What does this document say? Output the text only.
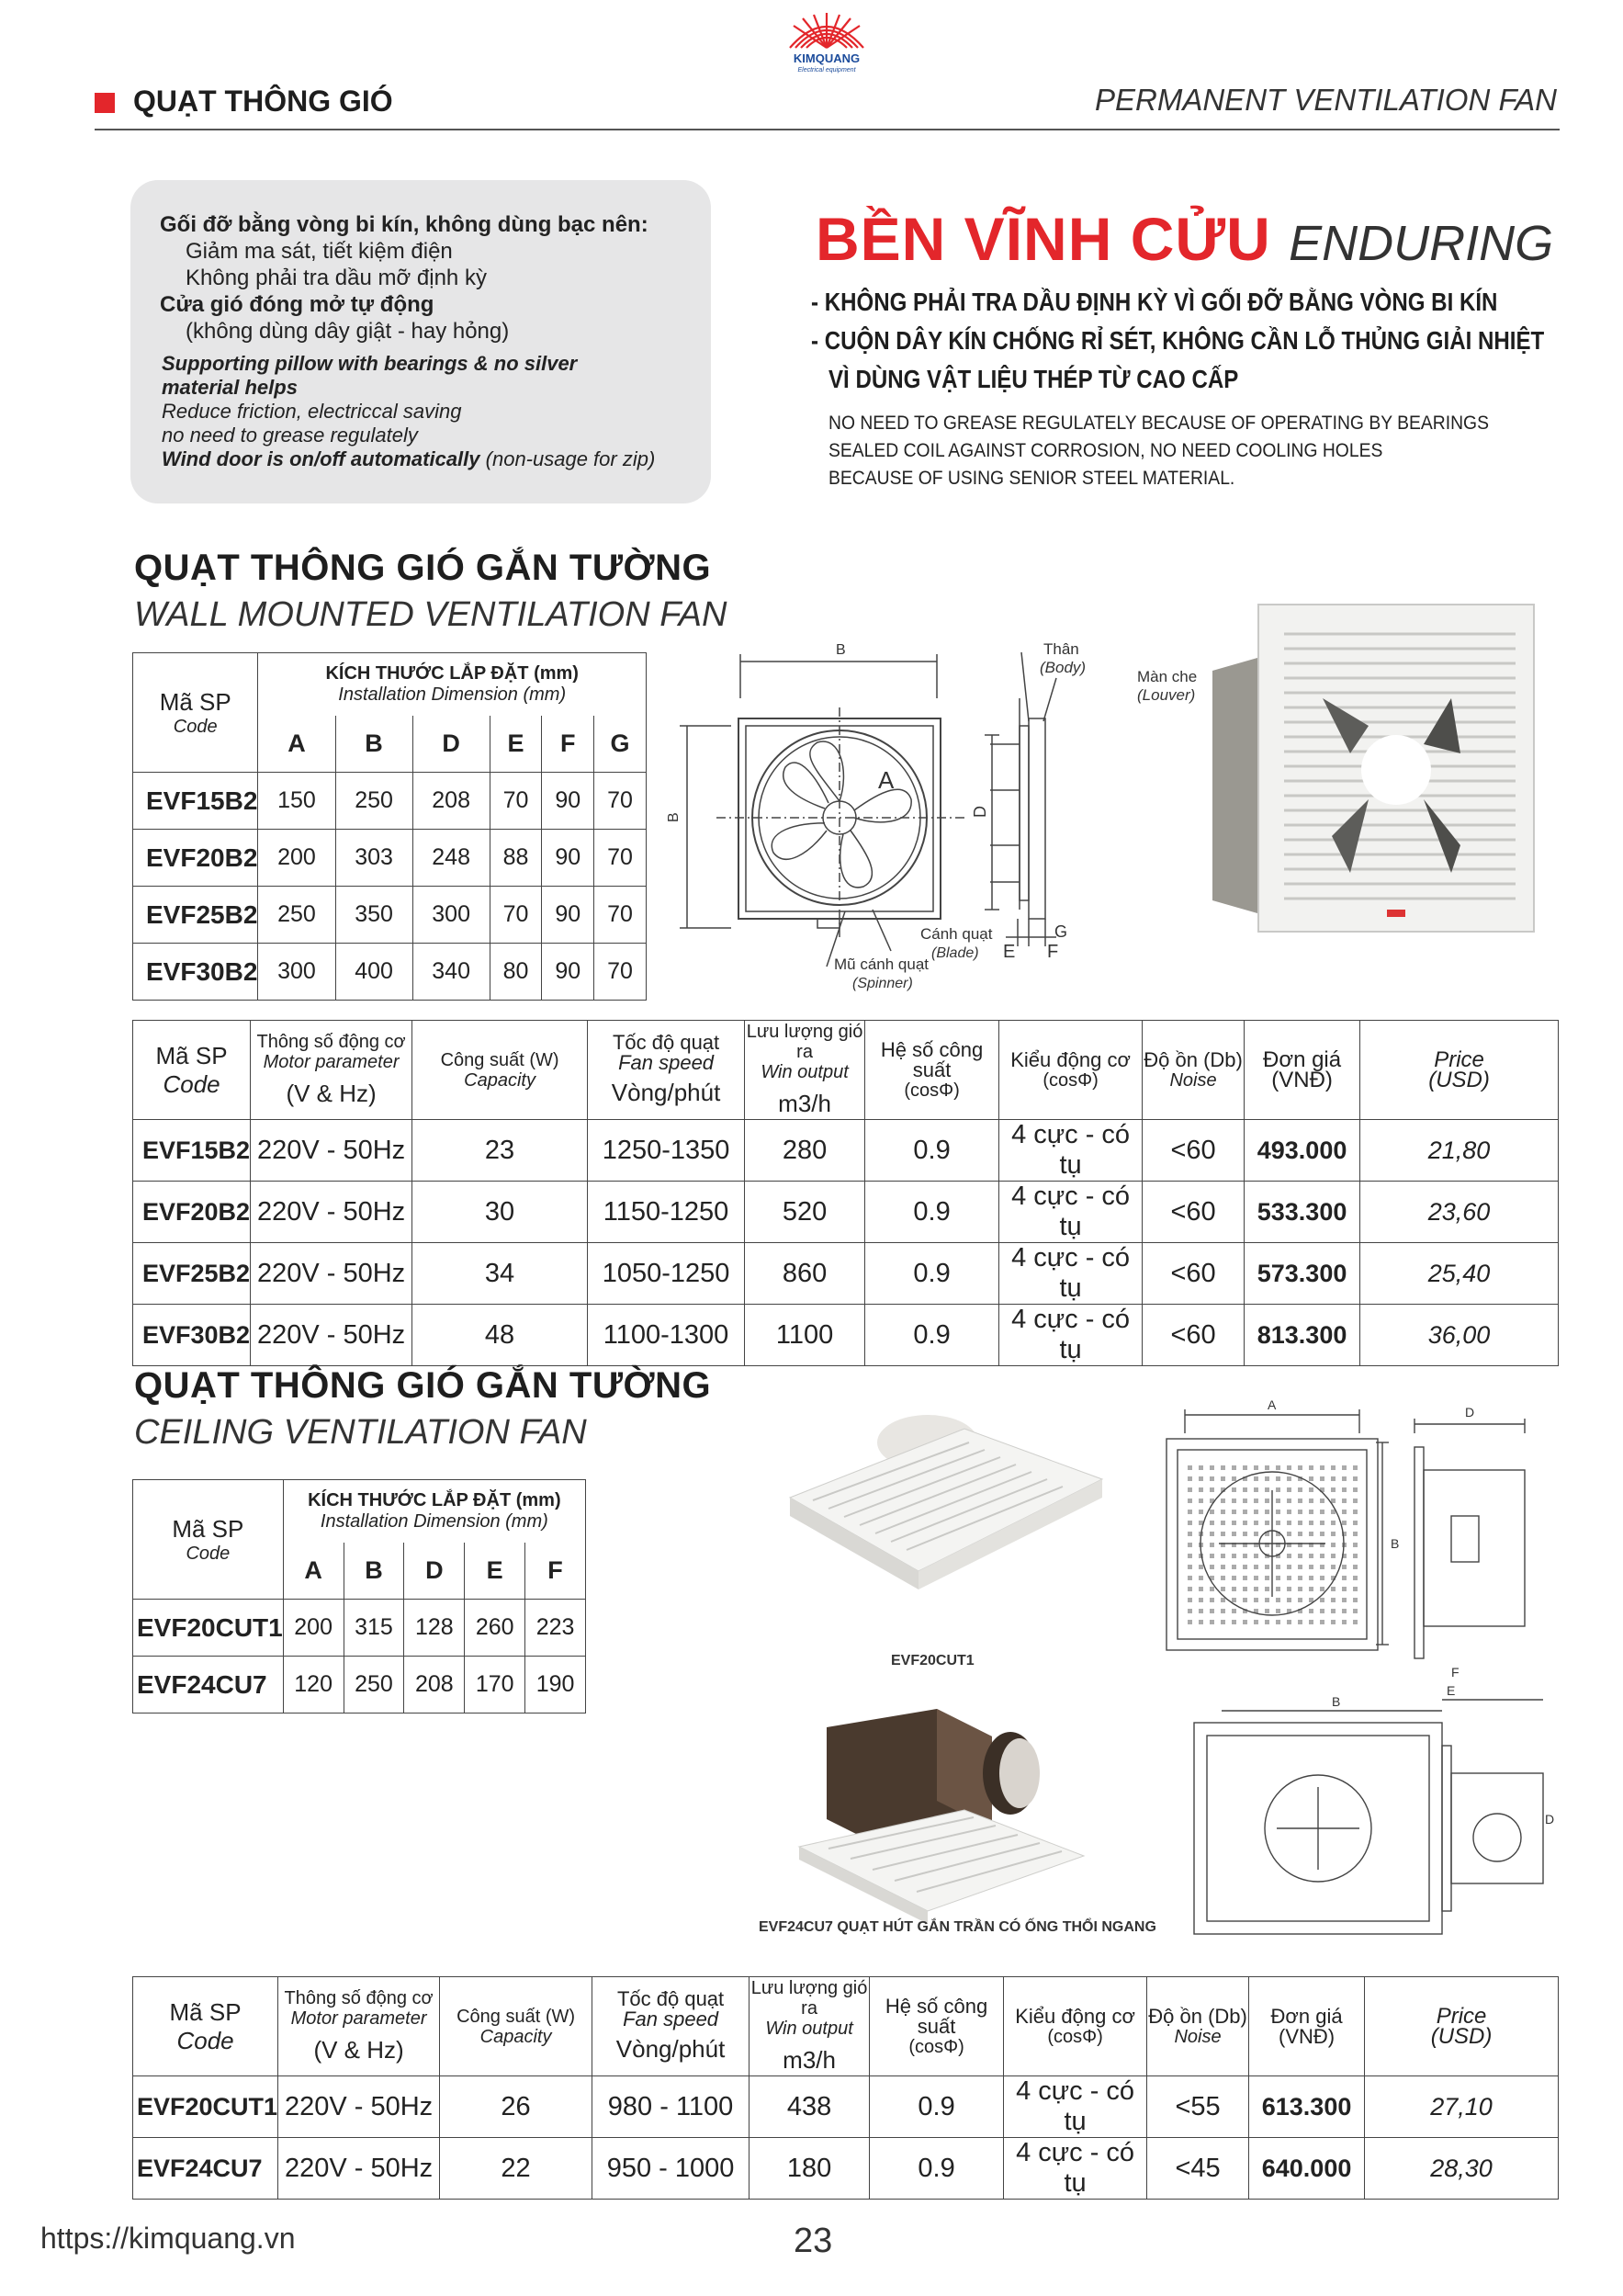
KIMQUANG
Electrical equipment
QUẠT THÔNG GIÓ	PERMANENT VENTILATION FAN
Gối đỡ bằng vòng bi kín, không dùng bạc nên:
Giảm ma sát, tiết kiệm điện
Không phải tra dầu mỡ định kỳ
Cửa gió đóng mở tự động
(không dùng dây giật - hay hỏng)
Supporting pillow with bearings & no silver
material helps
Reduce friction, electriccal saving
no need to grease regulately
Wind door is on/off automatically (non-usage for zip)
BỀN VĨNH CỬU ENDURING
- KHÔNG PHẢI TRA DẦU ĐỊNH KỲ VÌ GỐI ĐỠ BẰNG VÒNG BI KÍN
- CUỘN DÂY KÍN CHỐNG RỈ SÉT, KHÔNG CẦN LỖ THỦNG GIẢI NHIỆT
VÌ DÙNG VẬT LIỆU THÉP TỪ CAO CẤP
NO NEED TO GREASE REGULATELY BECAUSE OF OPERATING BY BEARINGS
SEALED COIL AGAINST CORROSION, NO NEED COOLING HOLES
BECAUSE OF USING SENIOR STEEL MATERIAL.
QUẠT THÔNG GIÓ GẮN TƯỜNG
WALL MOUNTED VENTILATION FAN
Mã SP
Code	KÍCH THƯỚC LẮP ĐẶT (mm)
Installation Dimension (mm)					

	A	B	D	E	F	G
EVF15B2	150	250	208	70	90	70
EVF20B2	200	303	248	88	90	70
EVF25B2	250	350	300	70	90	70
EVF30B2	300	400	340	80	90	70
B
B
A
D
E F
G
Thân
(Body)
Màn che
(Louver)
Cánh quạt
(Blade)
Mũ cánh quạt
(Spinner)
Mã SP
Code	Thông số động cơ
Motor parameter
(V & Hz)	Công suất (W)
Capacity	Tốc độ quạt
Fan speed
Vòng/phút	Lưu lượng gió ra
Win output
m3/h	Hệ số công suất
(cosΦ)	Kiểu động cơ
(cosΦ)	Độ ồn (Db)
Noise	Đơn giá
(VNĐ)	Price
(USD)

EVF15B2	220V - 50Hz	23	1250-1350	280	0.9	4 cực - có tụ	<60	493.000	21,80
EVF20B2	220V - 50Hz	30	1150-1250	520	0.9	4 cực - có tụ	<60	533.300	23,60
EVF25B2	220V - 50Hz	34	1050-1250	860	0.9	4 cực - có tụ	<60	573.300	25,40
EVF30B2	220V - 50Hz	48	1100-1300	1100	0.9	4 cực - có tụ	<60	813.300	36,00
QUẠT THÔNG GIÓ GẮN TƯỜNG
CEILING VENTILATION FAN
Mã SP
Code	KÍCH THƯỚC LẮP ĐẶT (mm)
Installation Dimension (mm)				

	A	B	D	E	F
EVF20CUT1	200	315	128	260	223
EVF24CU7	120	250	208	170	190
EVF20CUT1
EVF24CU7 QUẠT HÚT GẮN TRẦN CÓ ỐNG THỔI NGANG
A
B
D
B
E
F
D
Mã SP
Code	Thông số động cơ
Motor parameter
(V & Hz)	Công suất (W)
Capacity	Tốc độ quạt
Fan speed
Vòng/phút	Lưu lượng gió ra
Win output
m3/h	Hệ số công suất
(cosΦ)	Kiểu động cơ
(cosΦ)	Độ ồn (Db)
Noise	Đơn giá
(VNĐ)	Price
(USD)

EVF20CUT1	220V - 50Hz	26	980 - 1100	438	0.9	4 cực - có tụ	<55	613.300	27,10
EVF24CU7	220V - 50Hz	22	950 - 1000	180	0.9	4 cực - có tụ	<45	640.000	28,30
https://kimquang.vn	23
